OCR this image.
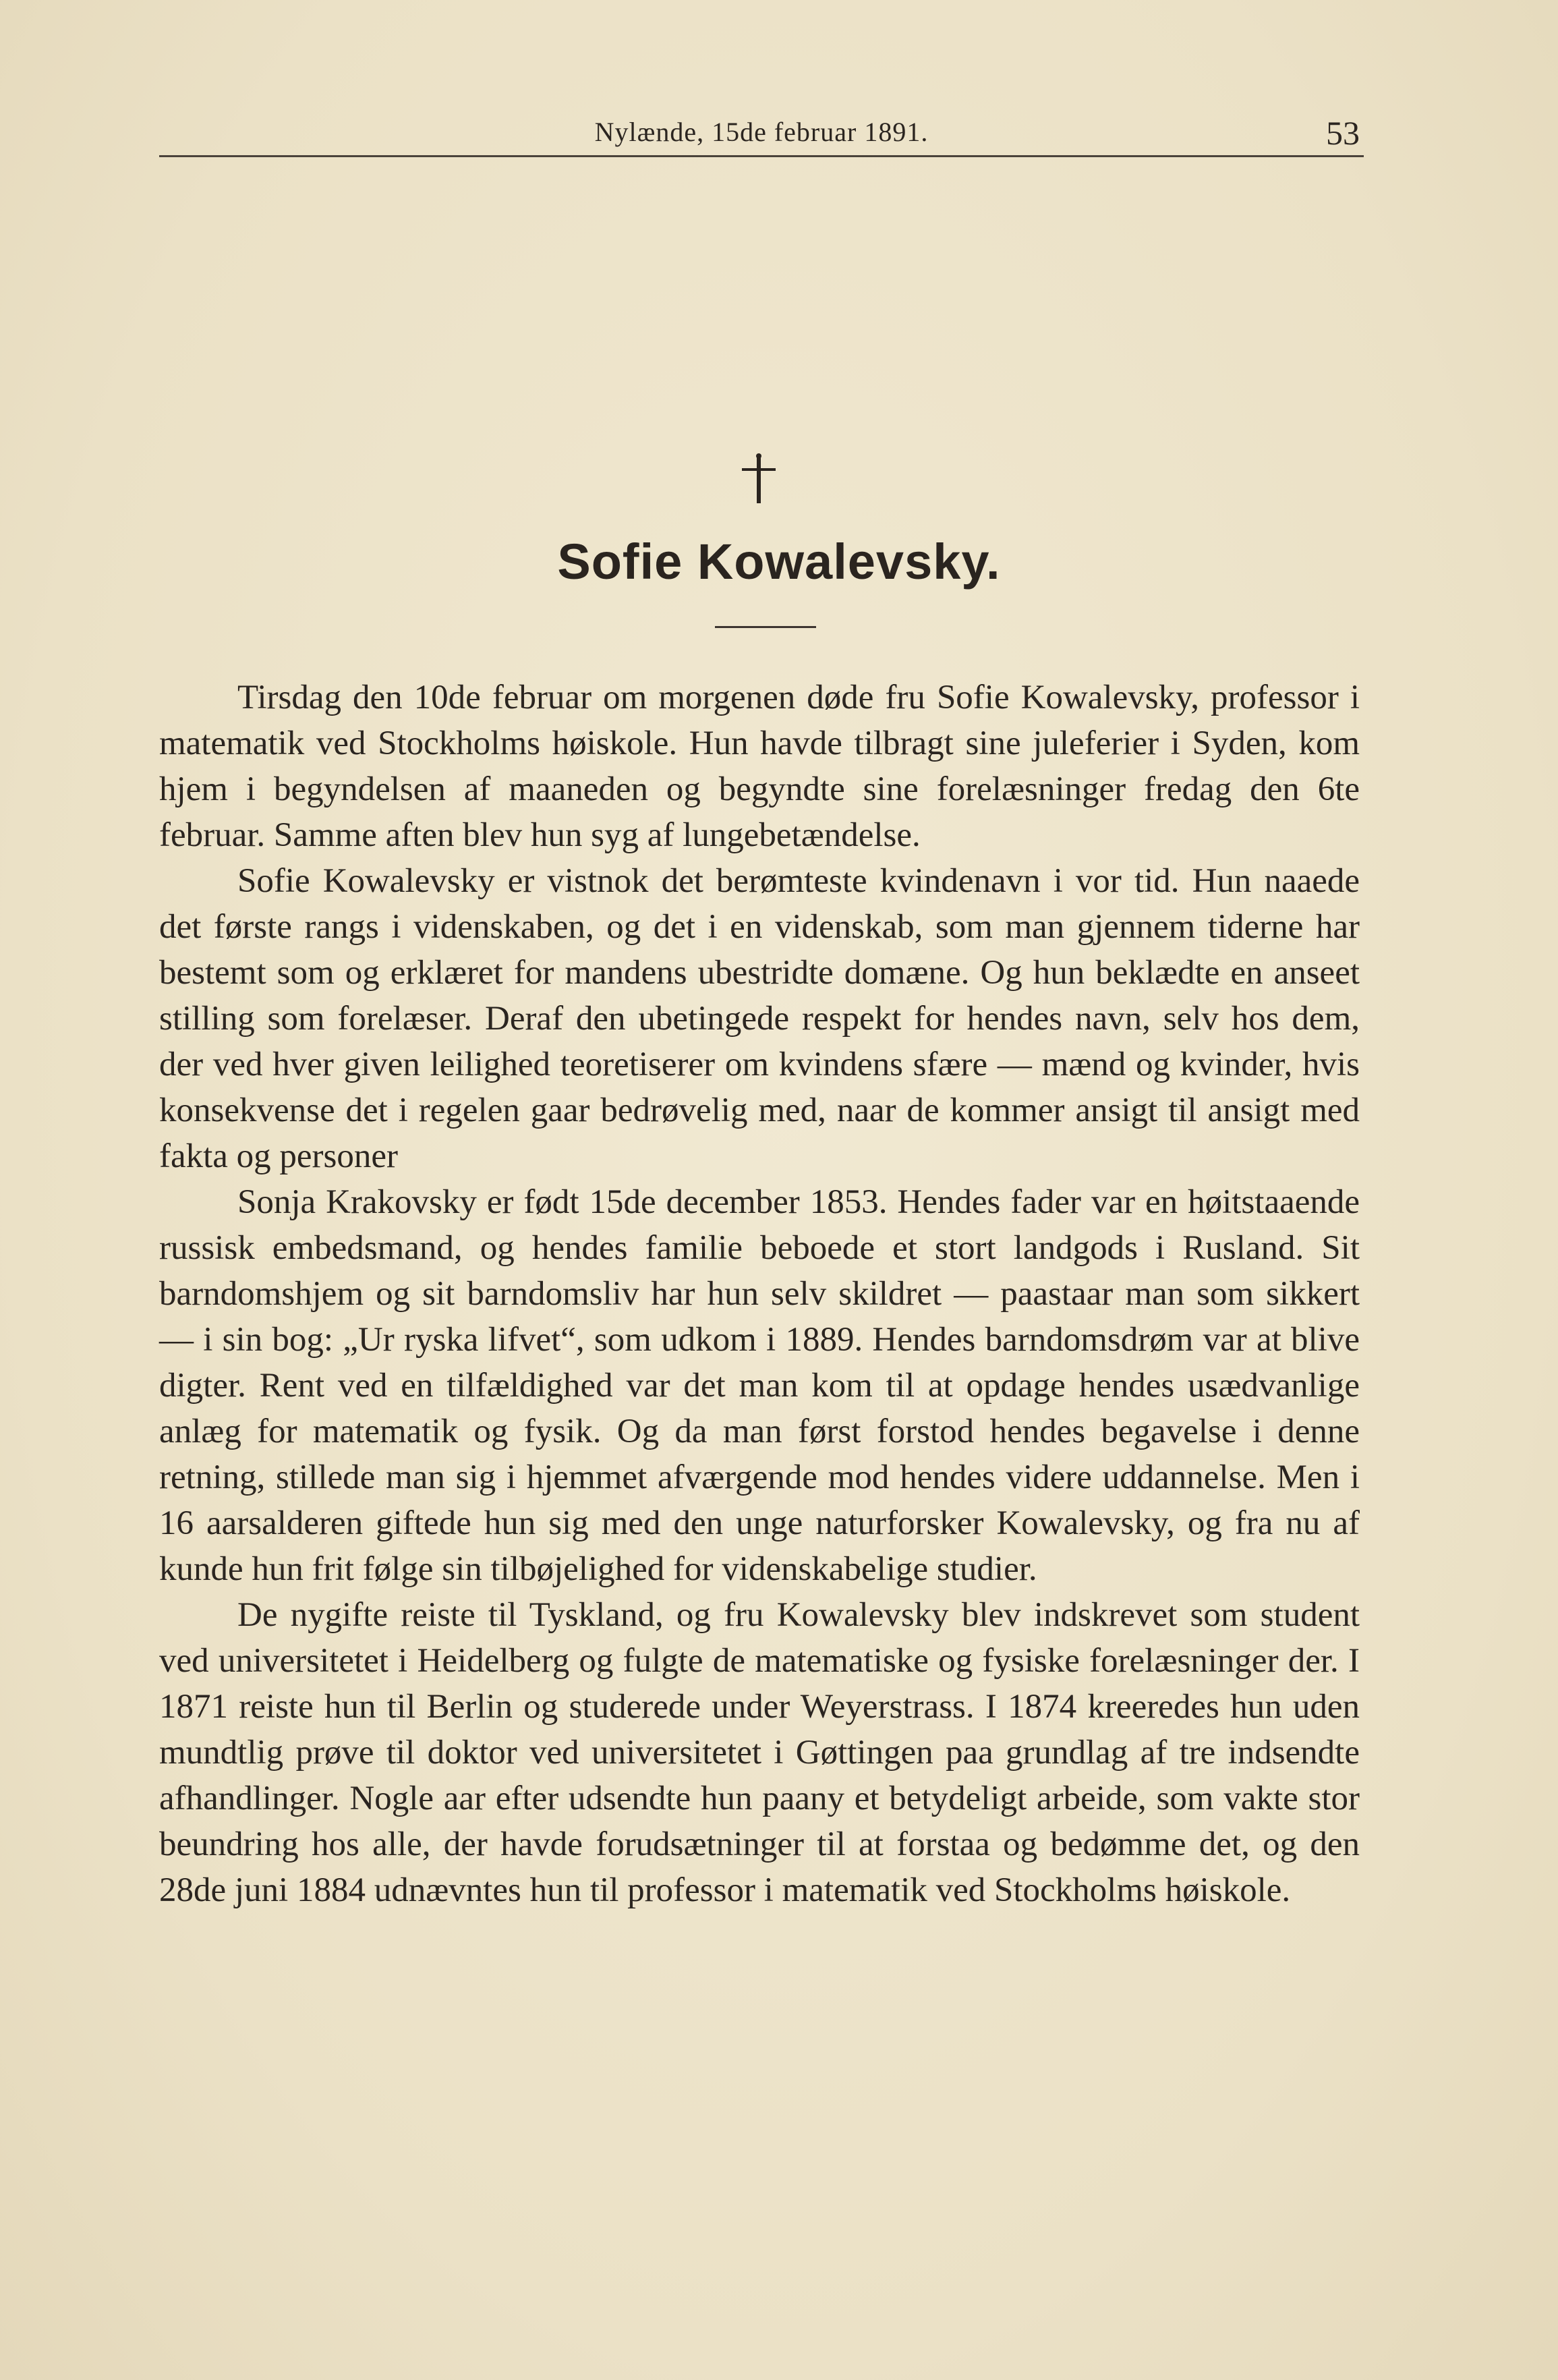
Nylænde, 15de februar 1891.	53
Sofie Kowalevsky.

Tirsdag den 10de februar om morgenen døde fru Sofie Kowalevsky, professor i matematik ved Stockholms høiskole. Hun havde tilbragt sine juleferier i Syden, kom hjem i begyndelsen af maaneden og begyndte sine forelæsninger fredag den 6te februar. Samme aften blev hun syg af lungebetændelse.

Sofie Kowalevsky er vistnok det berømteste kvindenavn i vor tid. Hun naaede det første rangs i videnskaben, og det i en videnskab, som man gjennem tiderne har bestemt som og erklæret for mandens ubestridte domæne. Og hun beklædte en anseet stilling som forelæser. Deraf den ubetingede respekt for hendes navn, selv hos dem, der ved hver given leilighed teoretiserer om kvindens sfære — mænd og kvinder, hvis konsekvense det i regelen gaar bedrøvelig med, naar de kommer ansigt til ansigt med fakta og personer

Sonja Krakovsky er født 15de december 1853. Hendes fader var en høitstaaende russisk embedsmand, og hendes familie beboede et stort landgods i Rusland. Sit barndomshjem og sit barndomsliv har hun selv skildret — paastaar man som sikkert — i sin bog: „Ur ryska lifvet“, som udkom i 1889. Hendes barndomsdrøm var at blive digter. Rent ved en tilfældighed var det man kom til at opdage hendes usædvanlige anlæg for matematik og fysik. Og da man først forstod hendes begavelse i denne retning, stillede man sig i hjemmet afværgende mod hendes videre uddannelse. Men i 16 aarsalderen giftede hun sig med den unge naturforsker Kowalevsky, og fra nu af kunde hun frit følge sin tilbøjelighed for videnskabelige studier.

De nygifte reiste til Tyskland, og fru Kowalevsky blev indskrevet som student ved universitetet i Heidelberg og fulgte de matematiske og fysiske forelæsninger der. I 1871 reiste hun til Berlin og studerede under Weyerstrass. I 1874 kreeredes hun uden mundtlig prøve til doktor ved universitetet i Gøttingen paa grundlag af tre indsendte afhandlinger. Nogle aar efter udsendte hun paany et betydeligt arbeide, som vakte stor beundring hos alle, der havde forudsætninger til at forstaa og bedømme det, og den 28de juni 1884 udnævntes hun til professor i matematik ved Stockholms høiskole.
